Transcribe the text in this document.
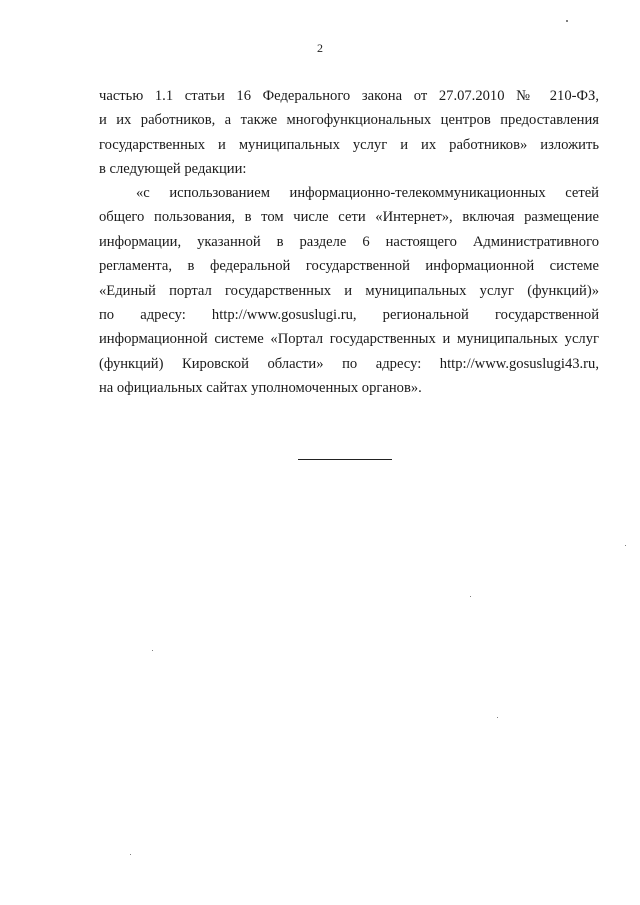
2
частью 1.1 статьи 16 Федерального закона от 27.07.2010 № 210-ФЗ,
и их работников, а также многофункциональных центров предоставления
государственных и муниципальных услуг и их работников» изложить
в следующей редакции:
«с использованием информационно-телекоммуникационных сетей
общего пользования, в том числе сети «Интернет», включая размещение
информации, указанной в разделе 6 настоящего Административного
регламента, в федеральной государственной информационной системе
«Единый портал государственных и муниципальных услуг (функций)»
по адресу: http://www.gosuslugi.ru, региональной государственной
информационной системе «Портал государственных и муниципальных услуг
(функций) Кировской области» по адресу: http://www.gosuslugi43.ru,
на официальных сайтах уполномоченных органов».
